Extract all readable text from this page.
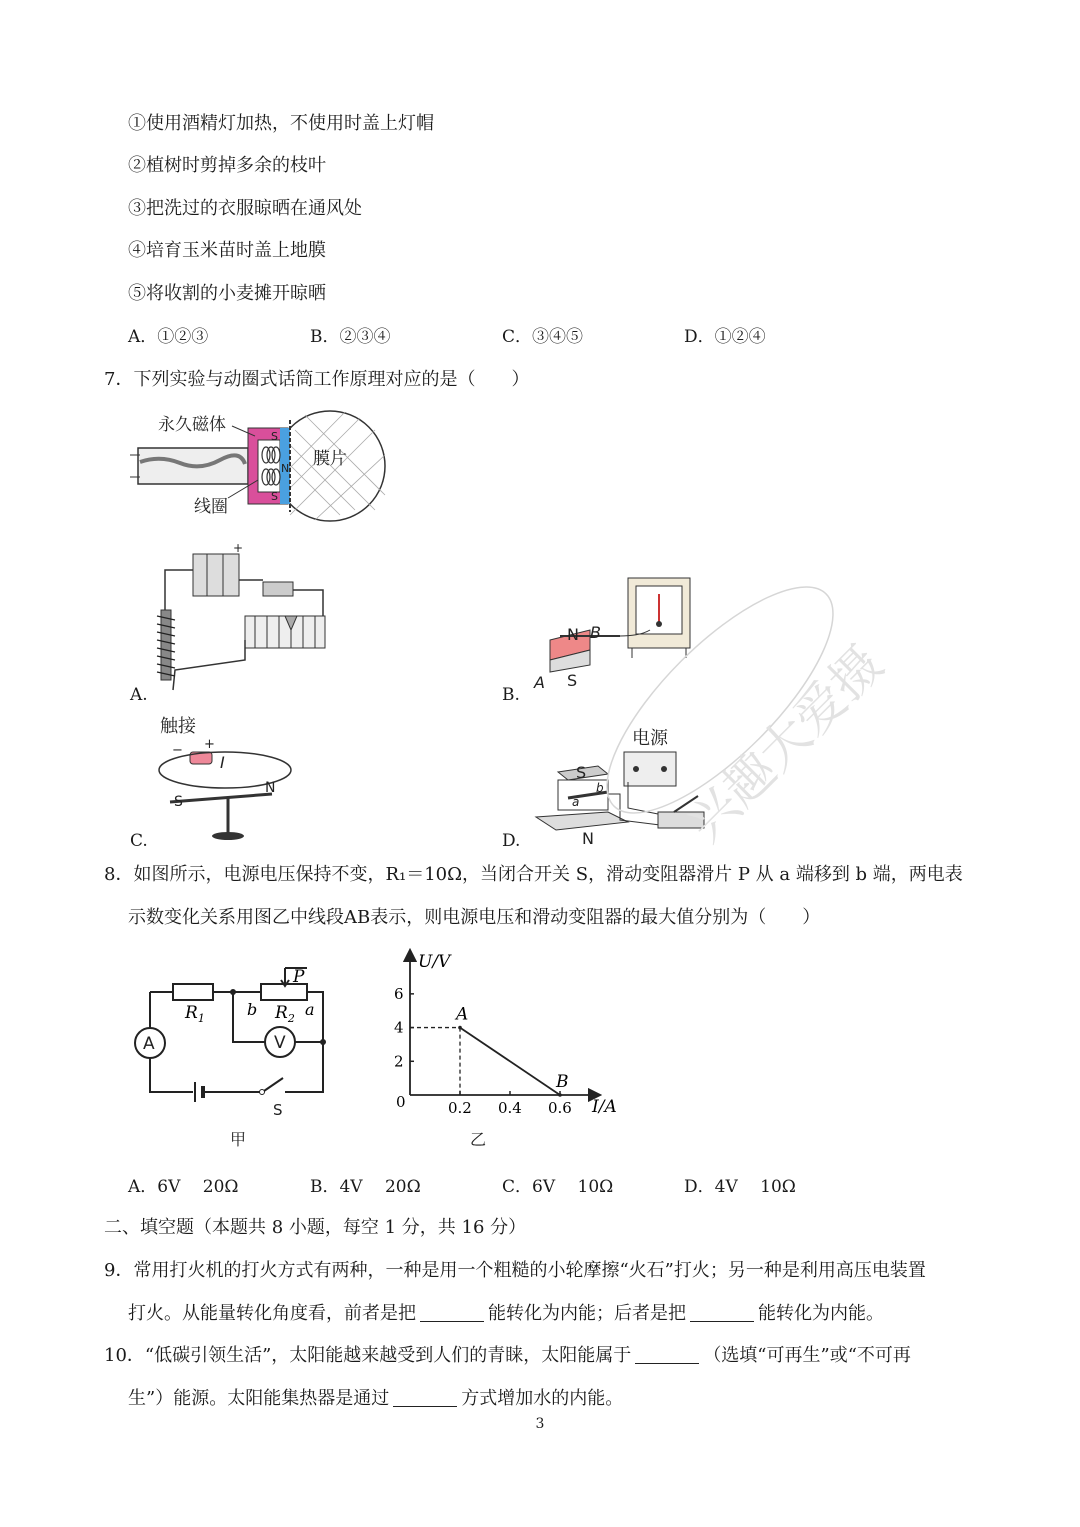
①使用酒精灯加热，不使用时盖上灯帽
②植树时剪掉多余的枝叶
③把洗过的衣服晾晒在通风处
④培育玉米苗时盖上地膜
⑤将收割的小麦摊开晾晒
A．①②③	B．②③④	C．③④⑤	D．①②④
7．下列实验与动圈式话筒工作原理对应的是（　　）
S
N
S
永久磁体
膜片
线圈
+
A.
N B
A S
B.
触接
− +
I
N
S
C.
电源
S
N
b
a
D.
8．如图所示，电源电压保持不变，R₁＝10Ω，当闭合开关 S，滑动变阻器滑片 P 从 a 端移到 b 端，两电表
示数变化关系用图乙中线段AB表示，则电源电压和滑动变阻器的最大值分别为（　　）
A	V
$R_1$	$R_2$
P
b	a
S
甲
U/V
I/A
0	0.2 0.4 0.6
2
4
6
A
B
乙
A．6V　 20Ω	B．4V　 20Ω	C．6V　 10Ω	D．4V　 10Ω
二、填空题（本题共 8 小题，每空 1 分，共 16 分）
9．常用打火机的打火方式有两种，一种是用一个粗糙的小轮摩擦“火石”打火；另一种是利用高压电装置
打火。从能量转化角度看，前者是把	能转化为内能；后者是把	能转化为内能。
10．“低碳引领生活”，太阳能越来越受到人们的青睐，太阳能属于	（选填“可再生”或“不可再
生”）能源。太阳能集热器是通过	方式增加水的内能。
3
兴趣大爱摄
